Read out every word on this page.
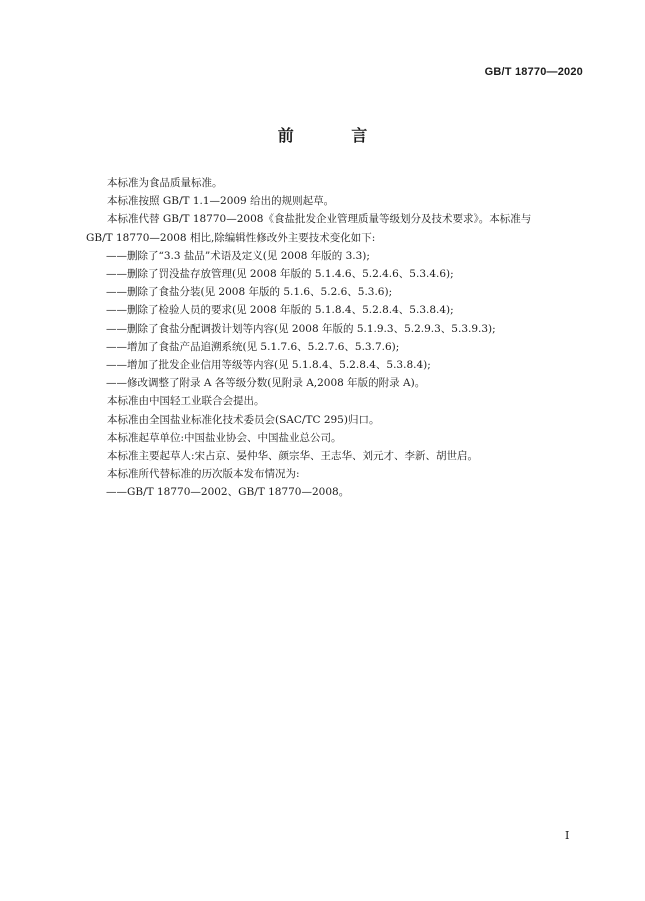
GB/T 18770—2020
前 言

本标准为食品质量标准。

本标准按照 GB/T 1.1—2009 给出的规则起草。

本标准代替 GB/T 18770—2008《食盐批发企业管理质量等级划分及技术要求》。本标准与

GB/T 18770—2008 相比,除编辑性修改外主要技术变化如下:

——删除了“3.3 盐品”术语及定义(见 2008 年版的 3.3);

——删除了罚没盐存放管理(见 2008 年版的 5.1.4.6、5.2.4.6、5.3.4.6);

——删除了食盐分装(见 2008 年版的 5.1.6、5.2.6、5.3.6);

——删除了检验人员的要求(见 2008 年版的 5.1.8.4、5.2.8.4、5.3.8.4);

——删除了食盐分配调拨计划等内容(见 2008 年版的 5.1.9.3、5.2.9.3、5.3.9.3);

——增加了食盐产品追溯系统(见 5.1.7.6、5.2.7.6、5.3.7.6);

——增加了批发企业信用等级等内容(见 5.1.8.4、5.2.8.4、5.3.8.4);

——修改调整了附录 A 各等级分数(见附录 A,2008 年版的附录 A)。

本标准由中国轻工业联合会提出。

本标准由全国盐业标准化技术委员会(SAC/TC 295)归口。

本标准起草单位:中国盐业协会、中国盐业总公司。

本标准主要起草人:宋占京、晏仲华、颜宗华、王志华、刘元才、李新、胡世启。

本标准所代替标准的历次版本发布情况为:

——GB/T 18770—2002、GB/T 18770—2008。

I
